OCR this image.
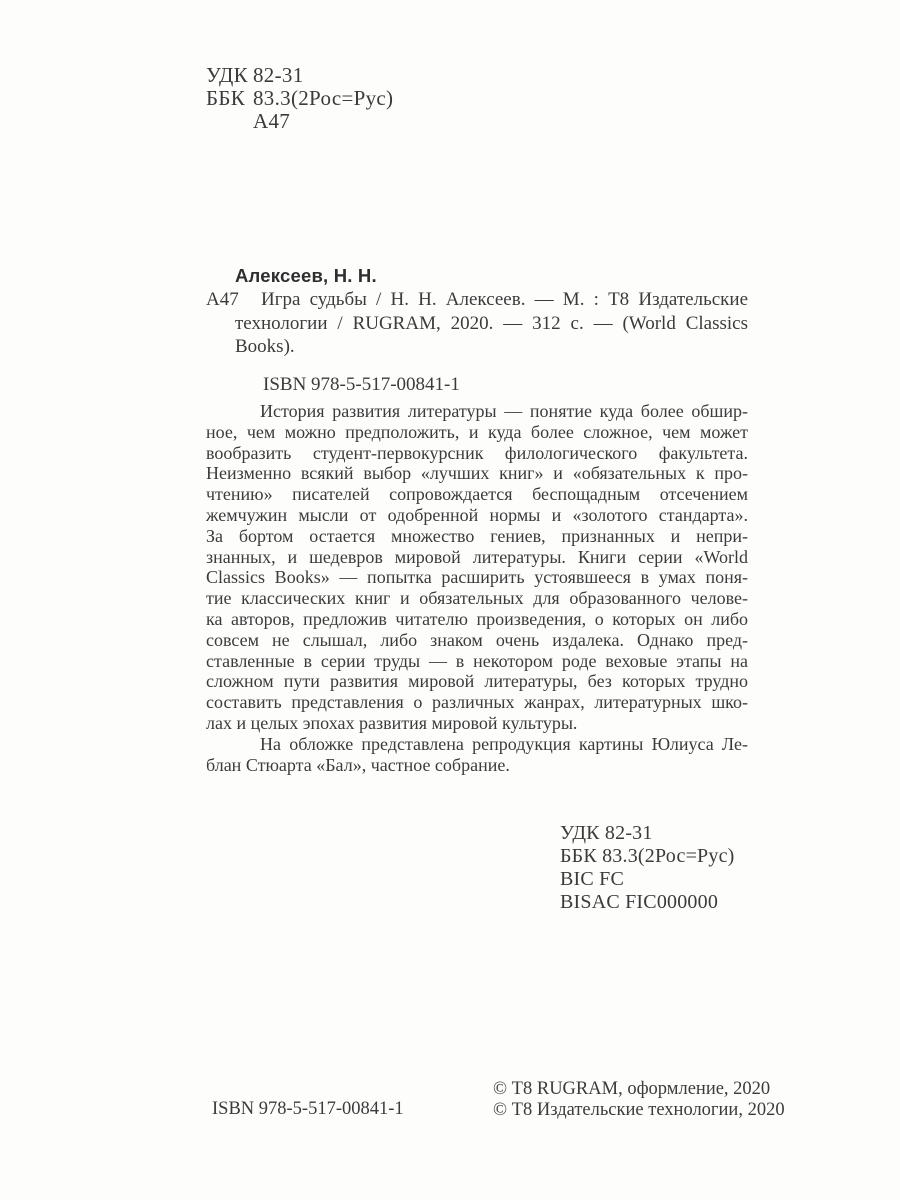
УДК 82-31
ББК 83.3(2Рос=Рус)
А47
Алексеев, Н. Н.
А47	Игра судьбы / Н. Н. Алексеев. — М. : Т8 Издательские
технологии / RUGRAM, 2020. — 312 с. — (World Classics
Books).
ISBN 978-5-517-00841-1
История развития литературы — понятие куда более обшир-
ное, чем можно предположить, и куда более сложное, чем может
вообразить студент-первокурсник филологического факультета.
Неизменно всякий выбор «лучших книг» и «обязательных к про-
чтению» писателей сопровождается беспощадным отсечением
жемчужин мысли от одобренной нормы и «золотого стандарта».
За бортом остается множество гениев, признанных и непри-
знанных, и шедевров мировой литературы. Книги серии «World
Classics Books» — попытка расширить устоявшееся в умах поня-
тие классических книг и обязательных для образованного челове-
ка авторов, предложив читателю произведения, о которых он либо
совсем не слышал, либо знаком очень издалека. Однако пред-
ставленные в серии труды — в некотором роде веховые этапы на
сложном пути развития мировой литературы, без которых трудно
составить представления о различных жанрах, литературных шко-
лах и целых эпохах развития мировой культуры.
На обложке представлена репродукция картины Юлиуса Ле-
блан Стюарта «Бал», частное собрание.
УДК 82-31
ББК 83.3(2Рос=Рус)
BIC FC
BISAC FIC000000
ISBN 978-5-517-00841-1
© Т8 RUGRAM, оформление, 2020
© Т8 Издательские технологии, 2020
